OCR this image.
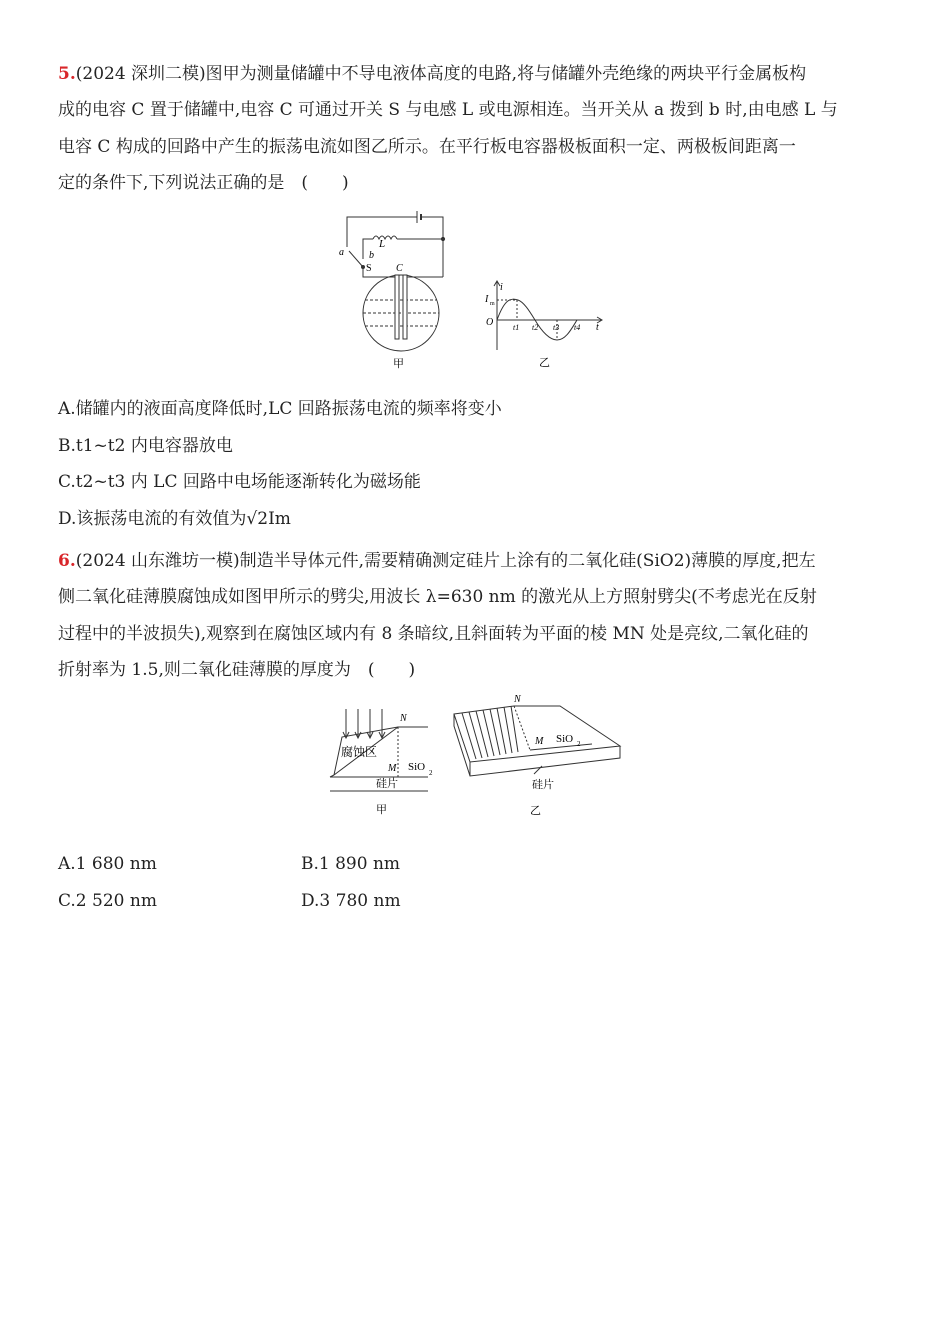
5.(2024 深圳二模)图甲为测量储罐中不导电液体高度的电路,将与储罐外壳绝缘的两块平行金属板构

成的电容 C 置于储罐中,电容 C 可通过开关 S 与电感 L 或电源相连。当开关从 a 拨到 b 时,由电感 L 与

电容 C 构成的回路中产生的振荡电流如图乙所示。在平行板电容器极板面积一定、两极板间距离一

定的条件下,下列说法正确的是　(　　)

L
a	b
S C
甲
i
I m
O	t
t1 t2 t3 t4
乙

A.储罐内的液面高度降低时,LC 回路振荡电流的频率将变小

B.t1~t2 内电容器放电

C.t2~t3 内 LC 回路中电场能逐渐转化为磁场能

D.该振荡电流的有效值为√2Im

6.(2024 山东潍坊一模)制造半导体元件,需要精确测定硅片上涂有的二氧化硅(SiO2)薄膜的厚度,把左

侧二氧化硅薄膜腐蚀成如图甲所示的劈尖,用波长 λ=630 nm 的激光从上方照射劈尖(不考虑光在反射

过程中的半波损失),观察到在腐蚀区域内有 8 条暗纹,且斜面转为平面的棱 MN 处是亮纹,二氧化硅的

折射率为 1.5,则二氧化硅薄膜的厚度为　(　　)

N
腐蚀区
M SiO 2
硅片
甲
N
M SiO 2
硅片
乙

A.1 680 nm	B.1 890 nm

C.2 520 nm	D.3 780 nm
